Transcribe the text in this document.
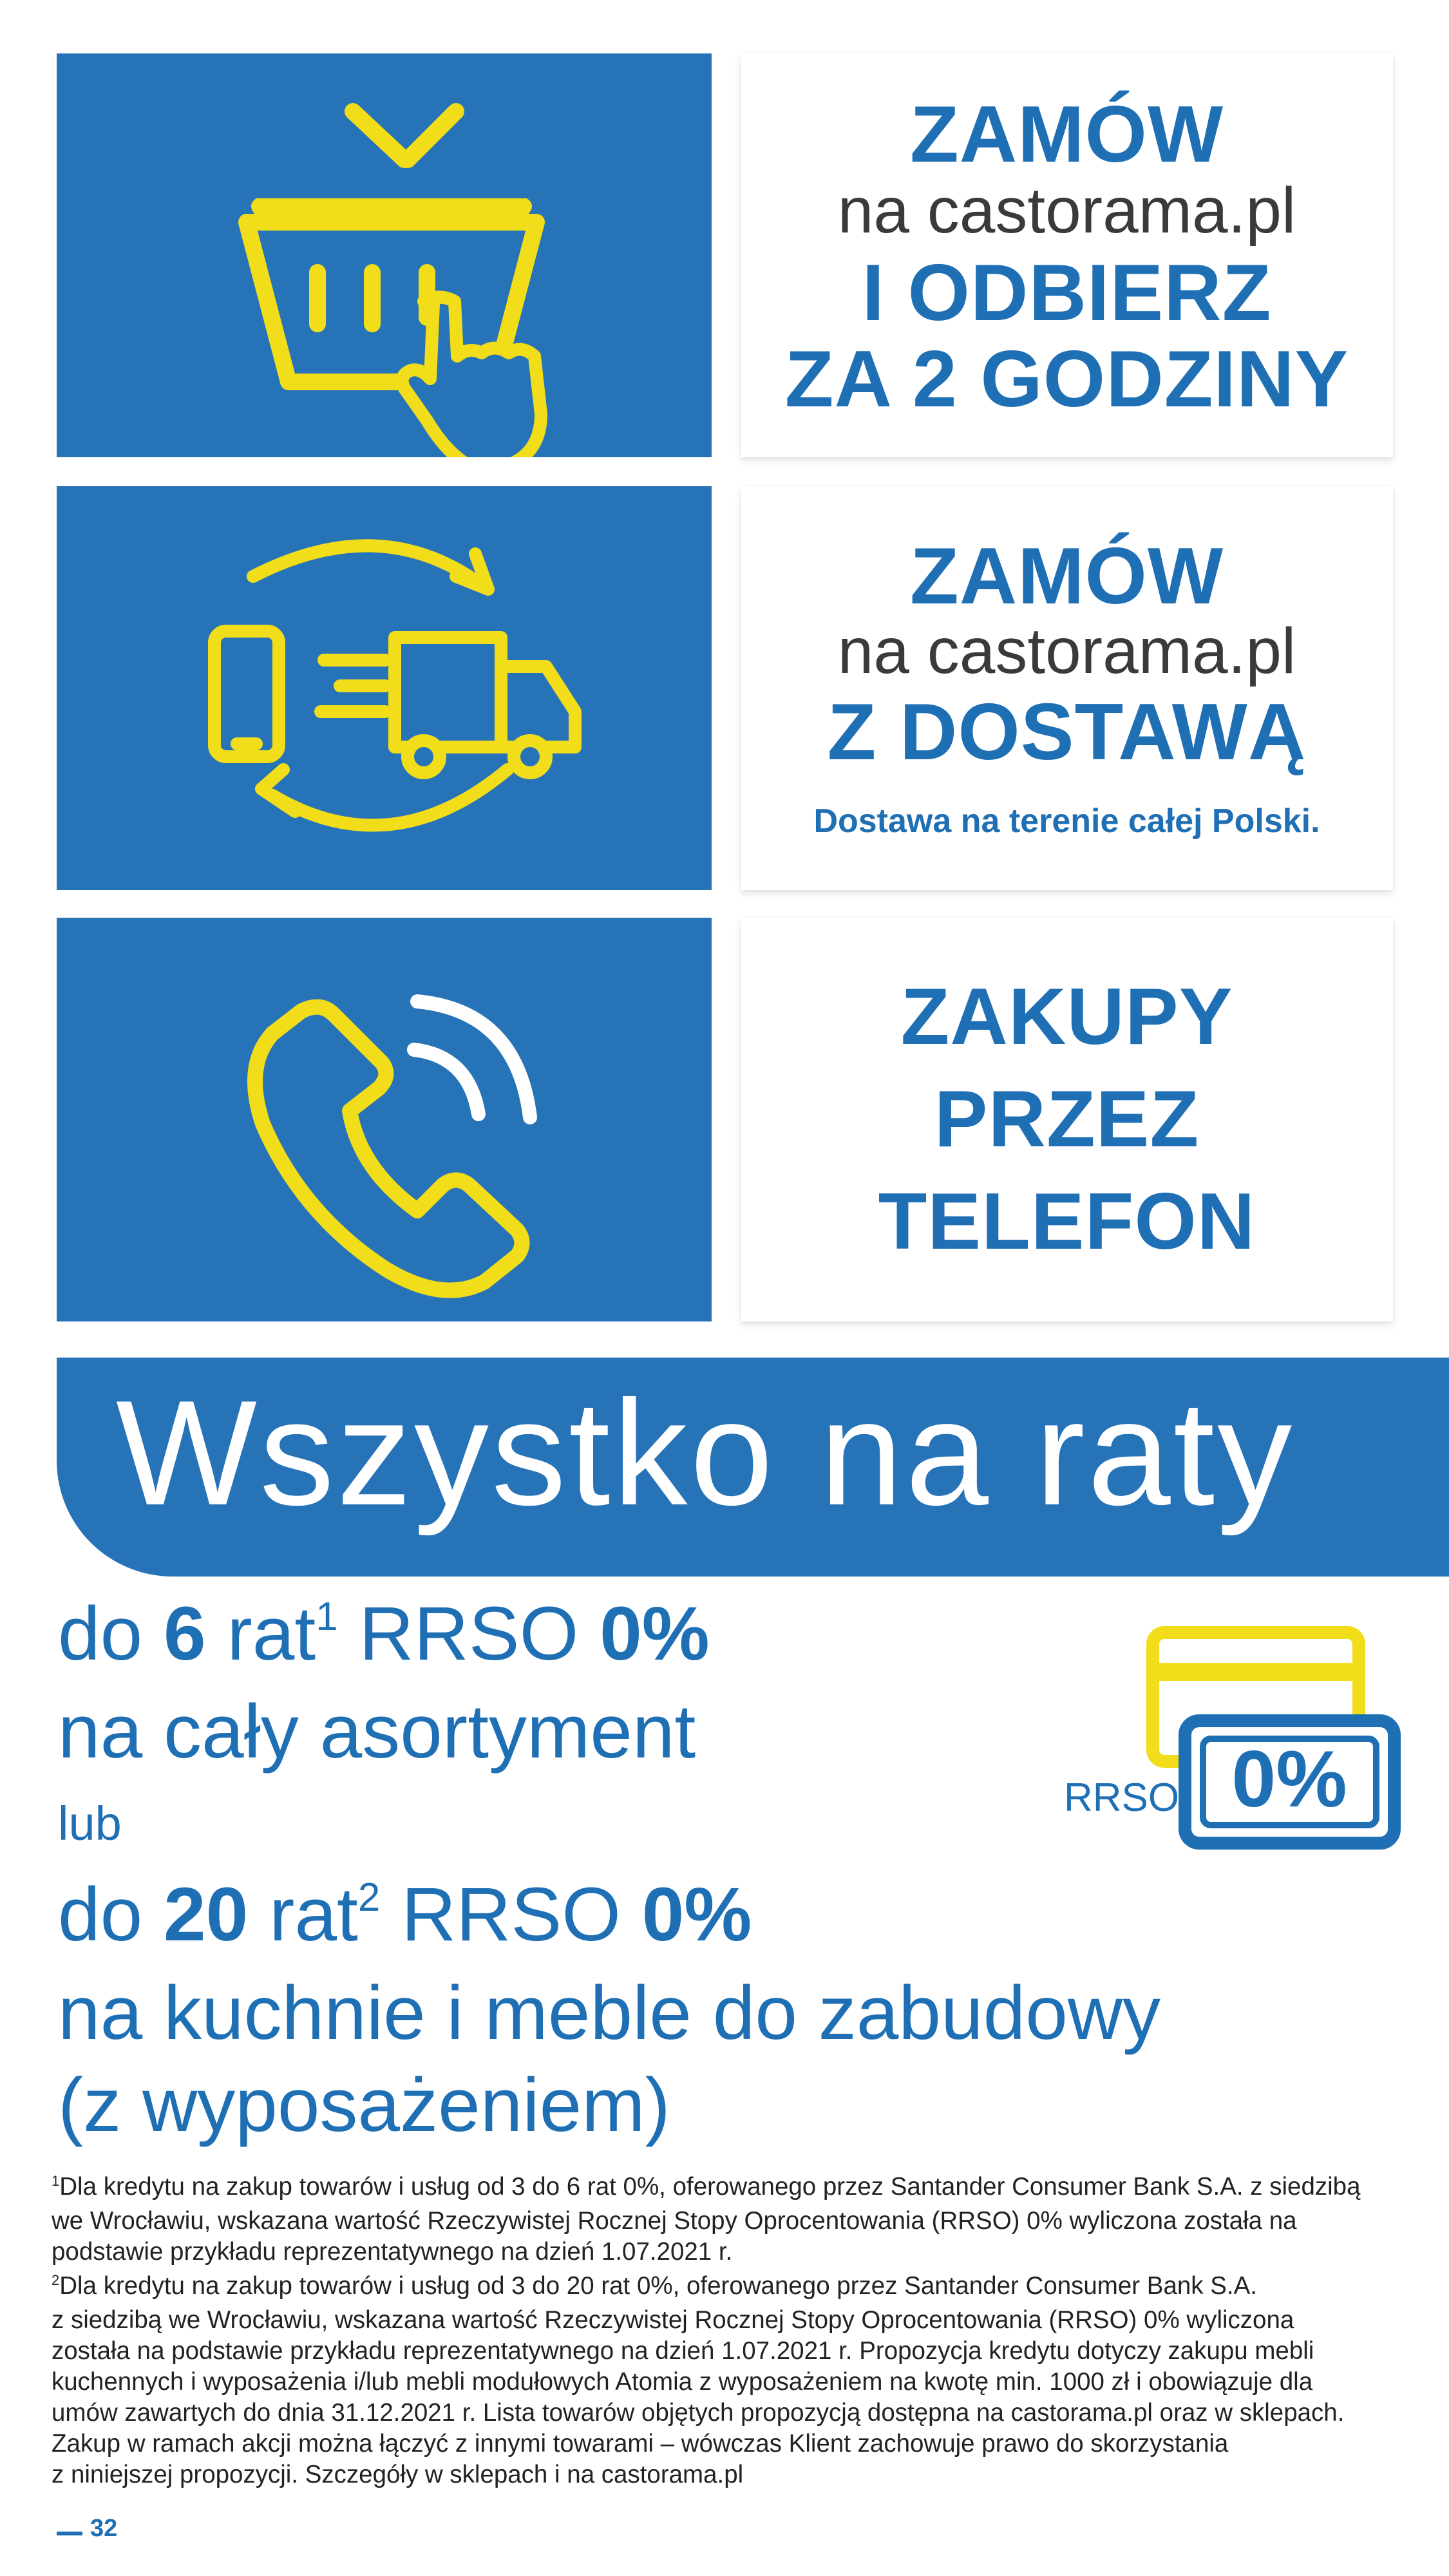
ZAMÓW
na castorama.pl
I ODBIERZ
ZA 2 GODZINY
ZAMÓW
na castorama.pl
Z DOSTAWĄ
Dostawa na terenie całej Polski.
ZAKUPY
PRZEZ
TELEFON
Wszystko na raty
do 6 rat$^1$ RRSO 0%
na cały asortyment
lub
do 20 rat$^2$ RRSO 0%
na kuchnie i meble do zabudowy
(z wyposażeniem)
0%
RRSO

$^1$Dla kredytu na zakup towarów i usług od 3 do 6 rat 0%, oferowanego przez Santander Consumer Bank S.A. z siedzibą

we Wrocławiu, wskazana wartość Rzeczywistej Rocznej Stopy Oprocentowania (RRSO) 0% wyliczona została na

podstawie przykładu reprezentatywnego na dzień 1.07.2021 r.

$^2$Dla kredytu na zakup towarów i usług od 3 do 20 rat 0%, oferowanego przez Santander Consumer Bank S.A.

z siedzibą we Wrocławiu, wskazana wartość Rzeczywistej Rocznej Stopy Oprocentowania (RRSO) 0% wyliczona

została na podstawie przykładu reprezentatywnego na dzień 1.07.2021 r. Propozycja kredytu dotyczy zakupu mebli

kuchennych i wyposażenia i/lub mebli modułowych Atomia z wyposażeniem na kwotę min. 1000 zł i obowiązuje dla

umów zawartych do dnia 31.12.2021 r. Lista towarów objętych propozycją dostępna na castorama.pl oraz w sklepach.

Zakup w ramach akcji można łączyć z innymi towarami – wówczas Klient zachowuje prawo do skorzystania

z niniejszej propozycji. Szczegóły w sklepach i na castorama.pl

32
